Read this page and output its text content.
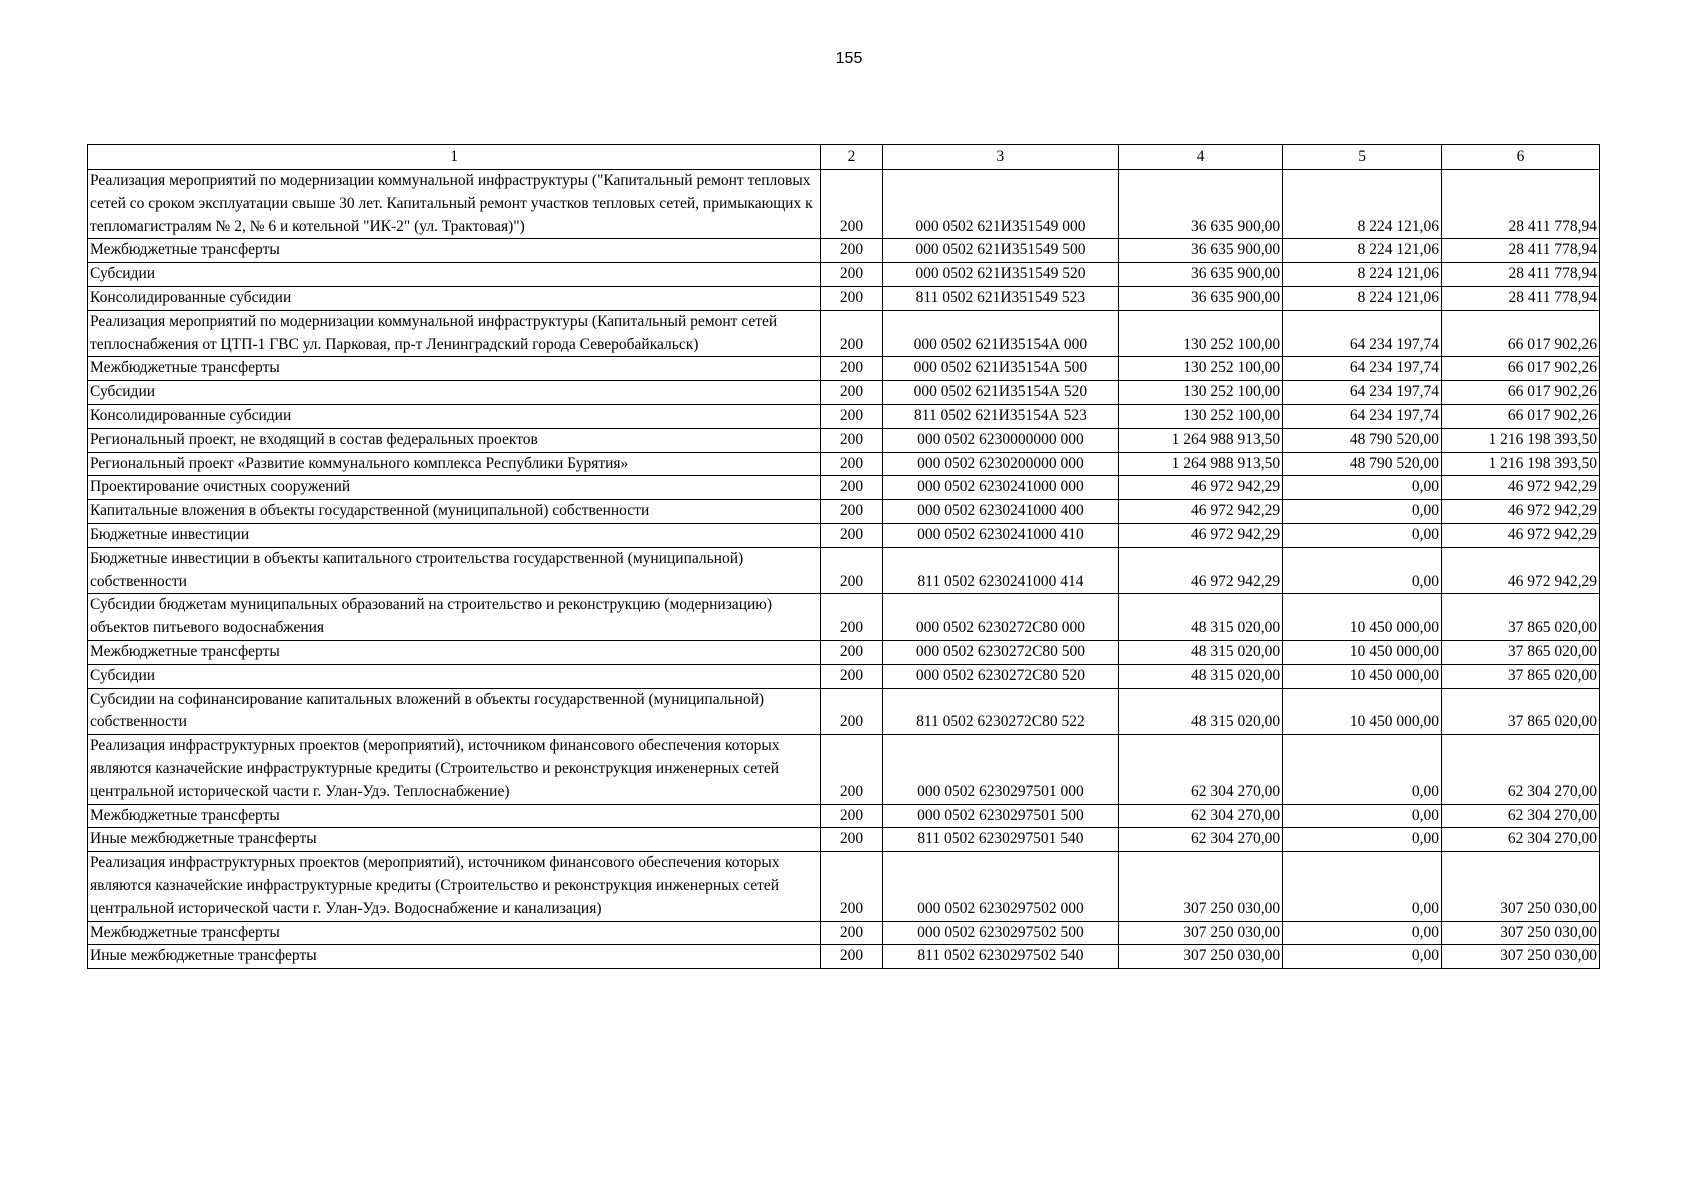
155
1	2	3	4	5	6
Реализация мероприятий по модернизации коммунальной инфраструктуры ("Капитальный ремонт тепловых сетей со сроком эксплуатации свыше 30 лет. Капитальный ремонт участков тепловых сетей, примыкающих к тепломагистралям № 2, № 6 и котельной "ИК-2" (ул. Трактовая)")	200	000 0502 621И351549 000	36 635 900,00	8 224 121,06	28 411 778,94
Межбюджетные трансферты	200	000 0502 621И351549 500	36 635 900,00	8 224 121,06	28 411 778,94
Субсидии	200	000 0502 621И351549 520	36 635 900,00	8 224 121,06	28 411 778,94
Консолидированные субсидии	200	811 0502 621И351549 523	36 635 900,00	8 224 121,06	28 411 778,94
Реализация мероприятий по модернизации коммунальной инфраструктуры (Капитальный ремонт сетей теплоснабжения от ЦТП-1 ГВС ул. Парковая, пр-т Ленинградский города Северобайкальск)	200	000 0502 621И35154А 000	130 252 100,00	64 234 197,74	66 017 902,26
Межбюджетные трансферты	200	000 0502 621И35154А 500	130 252 100,00	64 234 197,74	66 017 902,26
Субсидии	200	000 0502 621И35154А 520	130 252 100,00	64 234 197,74	66 017 902,26
Консолидированные субсидии	200	811 0502 621И35154А 523	130 252 100,00	64 234 197,74	66 017 902,26
Региональный проект, не входящий в состав федеральных проектов	200	000 0502 6230000000 000	1 264 988 913,50	48 790 520,00	1 216 198 393,50
Региональный проект «Развитие коммунального комплекса Республики Бурятия»	200	000 0502 6230200000 000	1 264 988 913,50	48 790 520,00	1 216 198 393,50
Проектирование очистных сооружений	200	000 0502 6230241000 000	46 972 942,29	0,00	46 972 942,29
Капитальные вложения в объекты государственной (муниципальной) собственности	200	000 0502 6230241000 400	46 972 942,29	0,00	46 972 942,29
Бюджетные инвестиции	200	000 0502 6230241000 410	46 972 942,29	0,00	46 972 942,29
Бюджетные инвестиции в объекты капитального строительства государственной (муниципальной) собственности	200	811 0502 6230241000 414	46 972 942,29	0,00	46 972 942,29
Субсидии бюджетам муниципальных образований на строительство и реконструкцию (модернизацию) объектов питьевого водоснабжения	200	000 0502 6230272С80 000	48 315 020,00	10 450 000,00	37 865 020,00
Межбюджетные трансферты	200	000 0502 6230272С80 500	48 315 020,00	10 450 000,00	37 865 020,00
Субсидии	200	000 0502 6230272С80 520	48 315 020,00	10 450 000,00	37 865 020,00
Субсидии на софинансирование капитальных вложений в объекты государственной (муниципальной) собственности	200	811 0502 6230272С80 522	48 315 020,00	10 450 000,00	37 865 020,00
Реализация инфраструктурных проектов (мероприятий), источником финансового обеспечения которых являются казначейские инфраструктурные кредиты (Строительство и реконструкция инженерных сетей центральной исторической части г. Улан-Удэ. Теплоснабжение)	200	000 0502 6230297501 000	62 304 270,00	0,00	62 304 270,00
Межбюджетные трансферты	200	000 0502 6230297501 500	62 304 270,00	0,00	62 304 270,00
Иные межбюджетные трансферты	200	811 0502 6230297501 540	62 304 270,00	0,00	62 304 270,00
Реализация инфраструктурных проектов (мероприятий), источником финансового обеспечения которых являются казначейские инфраструктурные кредиты (Строительство и реконструкция инженерных сетей центральной исторической части г. Улан-Удэ. Водоснабжение и канализация)	200	000 0502 6230297502 000	307 250 030,00	0,00	307 250 030,00
Межбюджетные трансферты	200	000 0502 6230297502 500	307 250 030,00	0,00	307 250 030,00
Иные межбюджетные трансферты	200	811 0502 6230297502 540	307 250 030,00	0,00	307 250 030,00
